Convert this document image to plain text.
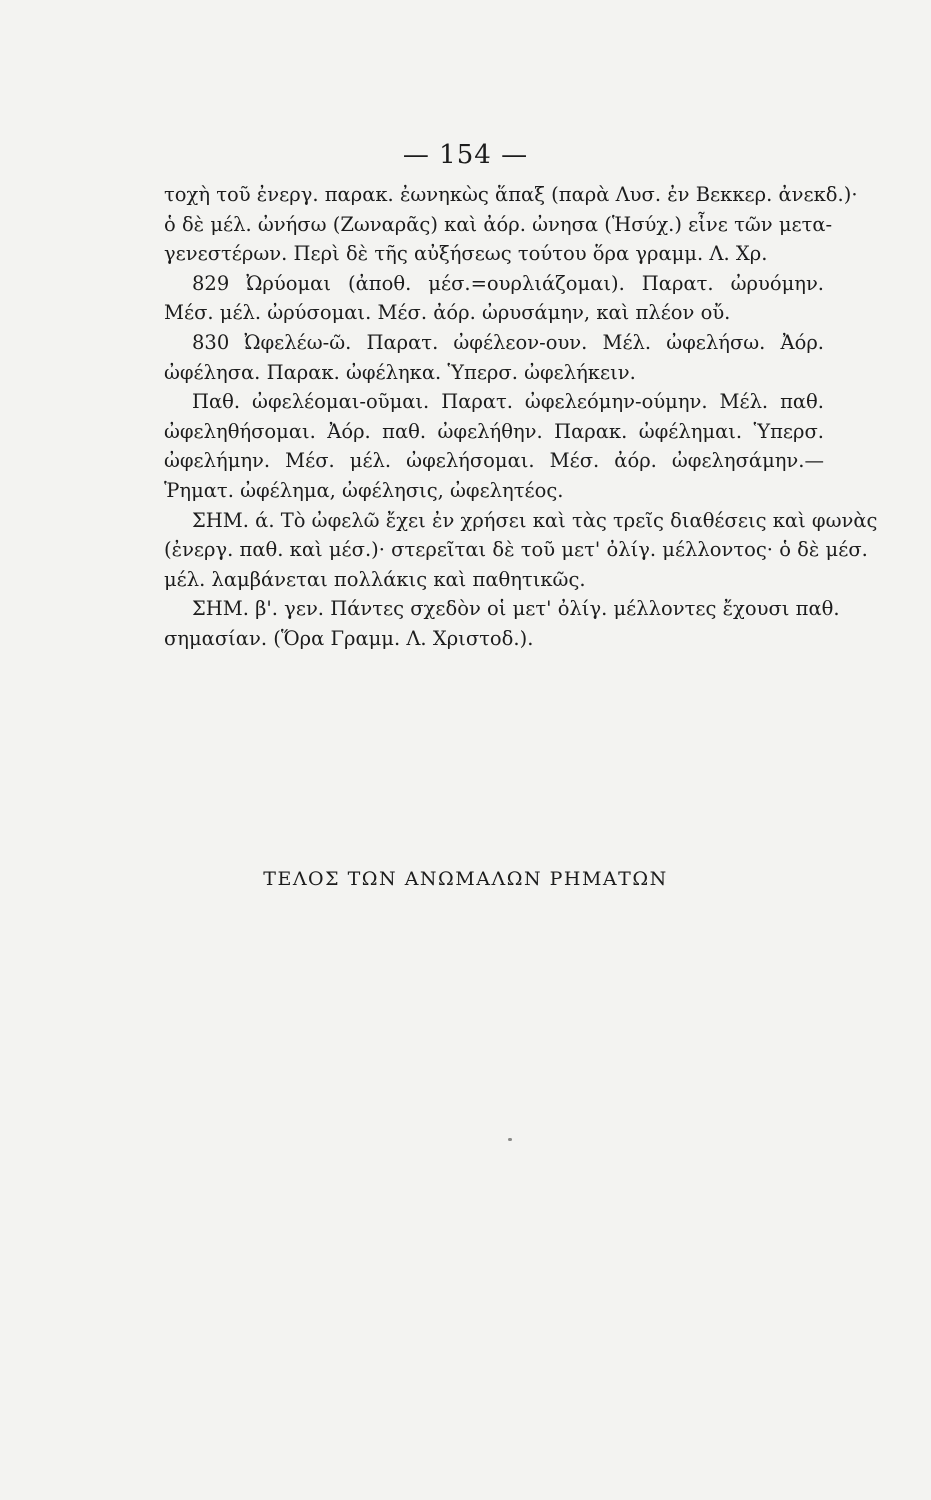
— 154 —
τοχὴ τοῦ ἐνεργ. παρακ. ἐωνηκὼς ἅπαξ (παρὰ Λυσ. ἐν Βεκκερ. ἀνεκδ.)·
ὁ δὲ μέλ. ὠνήσω (Ζωναρᾶς) καὶ ἀόρ. ὠνησα (Ἡσύχ.) εἶνε τῶν μετα-
γενεστέρων. Περὶ δὲ τῆς αὐξήσεως τούτου ὅρα γραμμ. Λ. Χρ.
829 Ὠρύομαι (ἀποθ. μέσ.=ουρλιάζομαι). Παρατ. ὠρυόμην.
Μέσ. μέλ. ὠρύσομαι. Μέσ. ἀόρ. ὠρυσάμην, καὶ πλέον οὔ.
830 Ὠφελέω-ῶ. Παρατ. ὠφέλεον-ουν. Μέλ. ὠφελήσω. Ἀόρ.
ὠφέλησα. Παρακ. ὠφέληκα. Ὑπερσ. ὠφελήκειν.
Παθ. ὠφελέομαι-οῦμαι. Παρατ. ὠφελεόμην-ούμην. Μέλ. παθ.
ὠφεληθήσομαι. Ἀόρ. παθ. ὠφελήθην. Παρακ. ὠφέλημαι. Ὑπερσ.
ὠφελήμην. Μέσ. μέλ. ὠφελήσομαι. Μέσ. ἀόρ. ὠφελησάμην.—
Ῥηματ. ὠφέλημα, ὠφέλησις, ὠφελητέος.
ΣΗΜ. ά. Τὸ ὠφελῶ ἔχει ἐν χρήσει καὶ τὰς τρεῖς διαθέσεις καὶ φωνὰς
(ἐνεργ. παθ. καὶ μέσ.)· στερεῖται δὲ τοῦ μετ' ὀλίγ. μέλλοντος· ὁ δὲ μέσ.
μέλ. λαμβάνεται πολλάκις καὶ παθητικῶς.
ΣΗΜ. β'. γεν. Πάντες σχεδὸν οἱ μετ' ὀλίγ. μέλλοντες ἔχουσι παθ.
σημασίαν. (Ὅρα Γραμμ. Λ. Χριστοδ.).
ΤΕΛΟΣ ΤΩΝ ΑΝΩΜΑΛΩΝ ΡΗΜΑΤΩΝ
